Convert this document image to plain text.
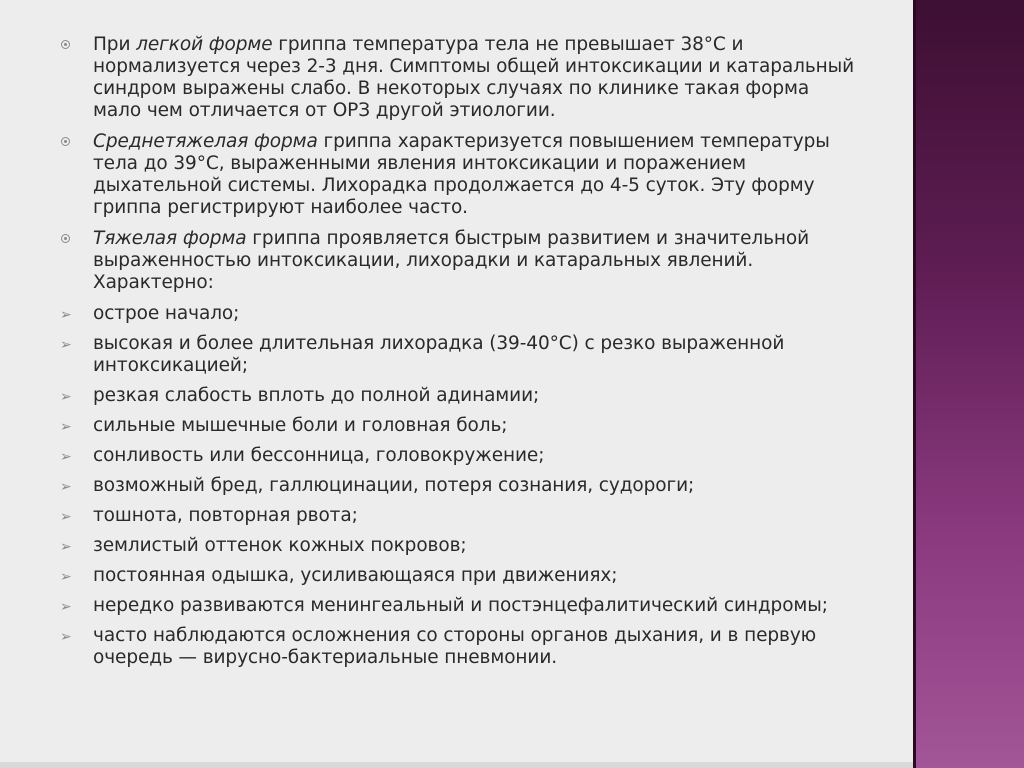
При легкой форме гриппа температура тела не превышает 38°С и нормализуется через 2-3 дня. Симптомы общей интоксикации и катаральный синдром выражены слабо. В некоторых случаях по клинике такая форма мало чем отличается от ОРЗ другой этиологии.
Среднетяжелая форма гриппа характеризуется повышением температуры тела до 39°С, выраженными явления интоксикации и поражением дыхательной системы. Лихорадка продолжается до 4-5 суток. Эту форму гриппа регистрируют наиболее часто.
Тяжелая форма гриппа проявляется быстрым развитием и значительной выраженностью интоксикации, лихорадки и катаральных явлений. Характерно:
➢ острое начало;
➢ высокая и более длительная лихорадка (39-40°С) с резко выраженной интоксикацией;
➢ резкая слабость вплоть до полной адинамии;
➢ сильные мышечные боли и головная боль;
➢ сонливость или бессонница, головокружение;
➢ возможный бред, галлюцинации, потеря сознания, судороги;
➢ тошнота, повторная рвота;
➢ землистый оттенок кожных покровов;
➢ постоянная одышка, усиливающаяся при движениях;
➢ нередко развиваются менингеальный и постэнцефалитический синдромы;
➢ часто наблюдаются осложнения со стороны органов дыхания, и в первую очередь — вирусно-бактериальные пневмонии.
